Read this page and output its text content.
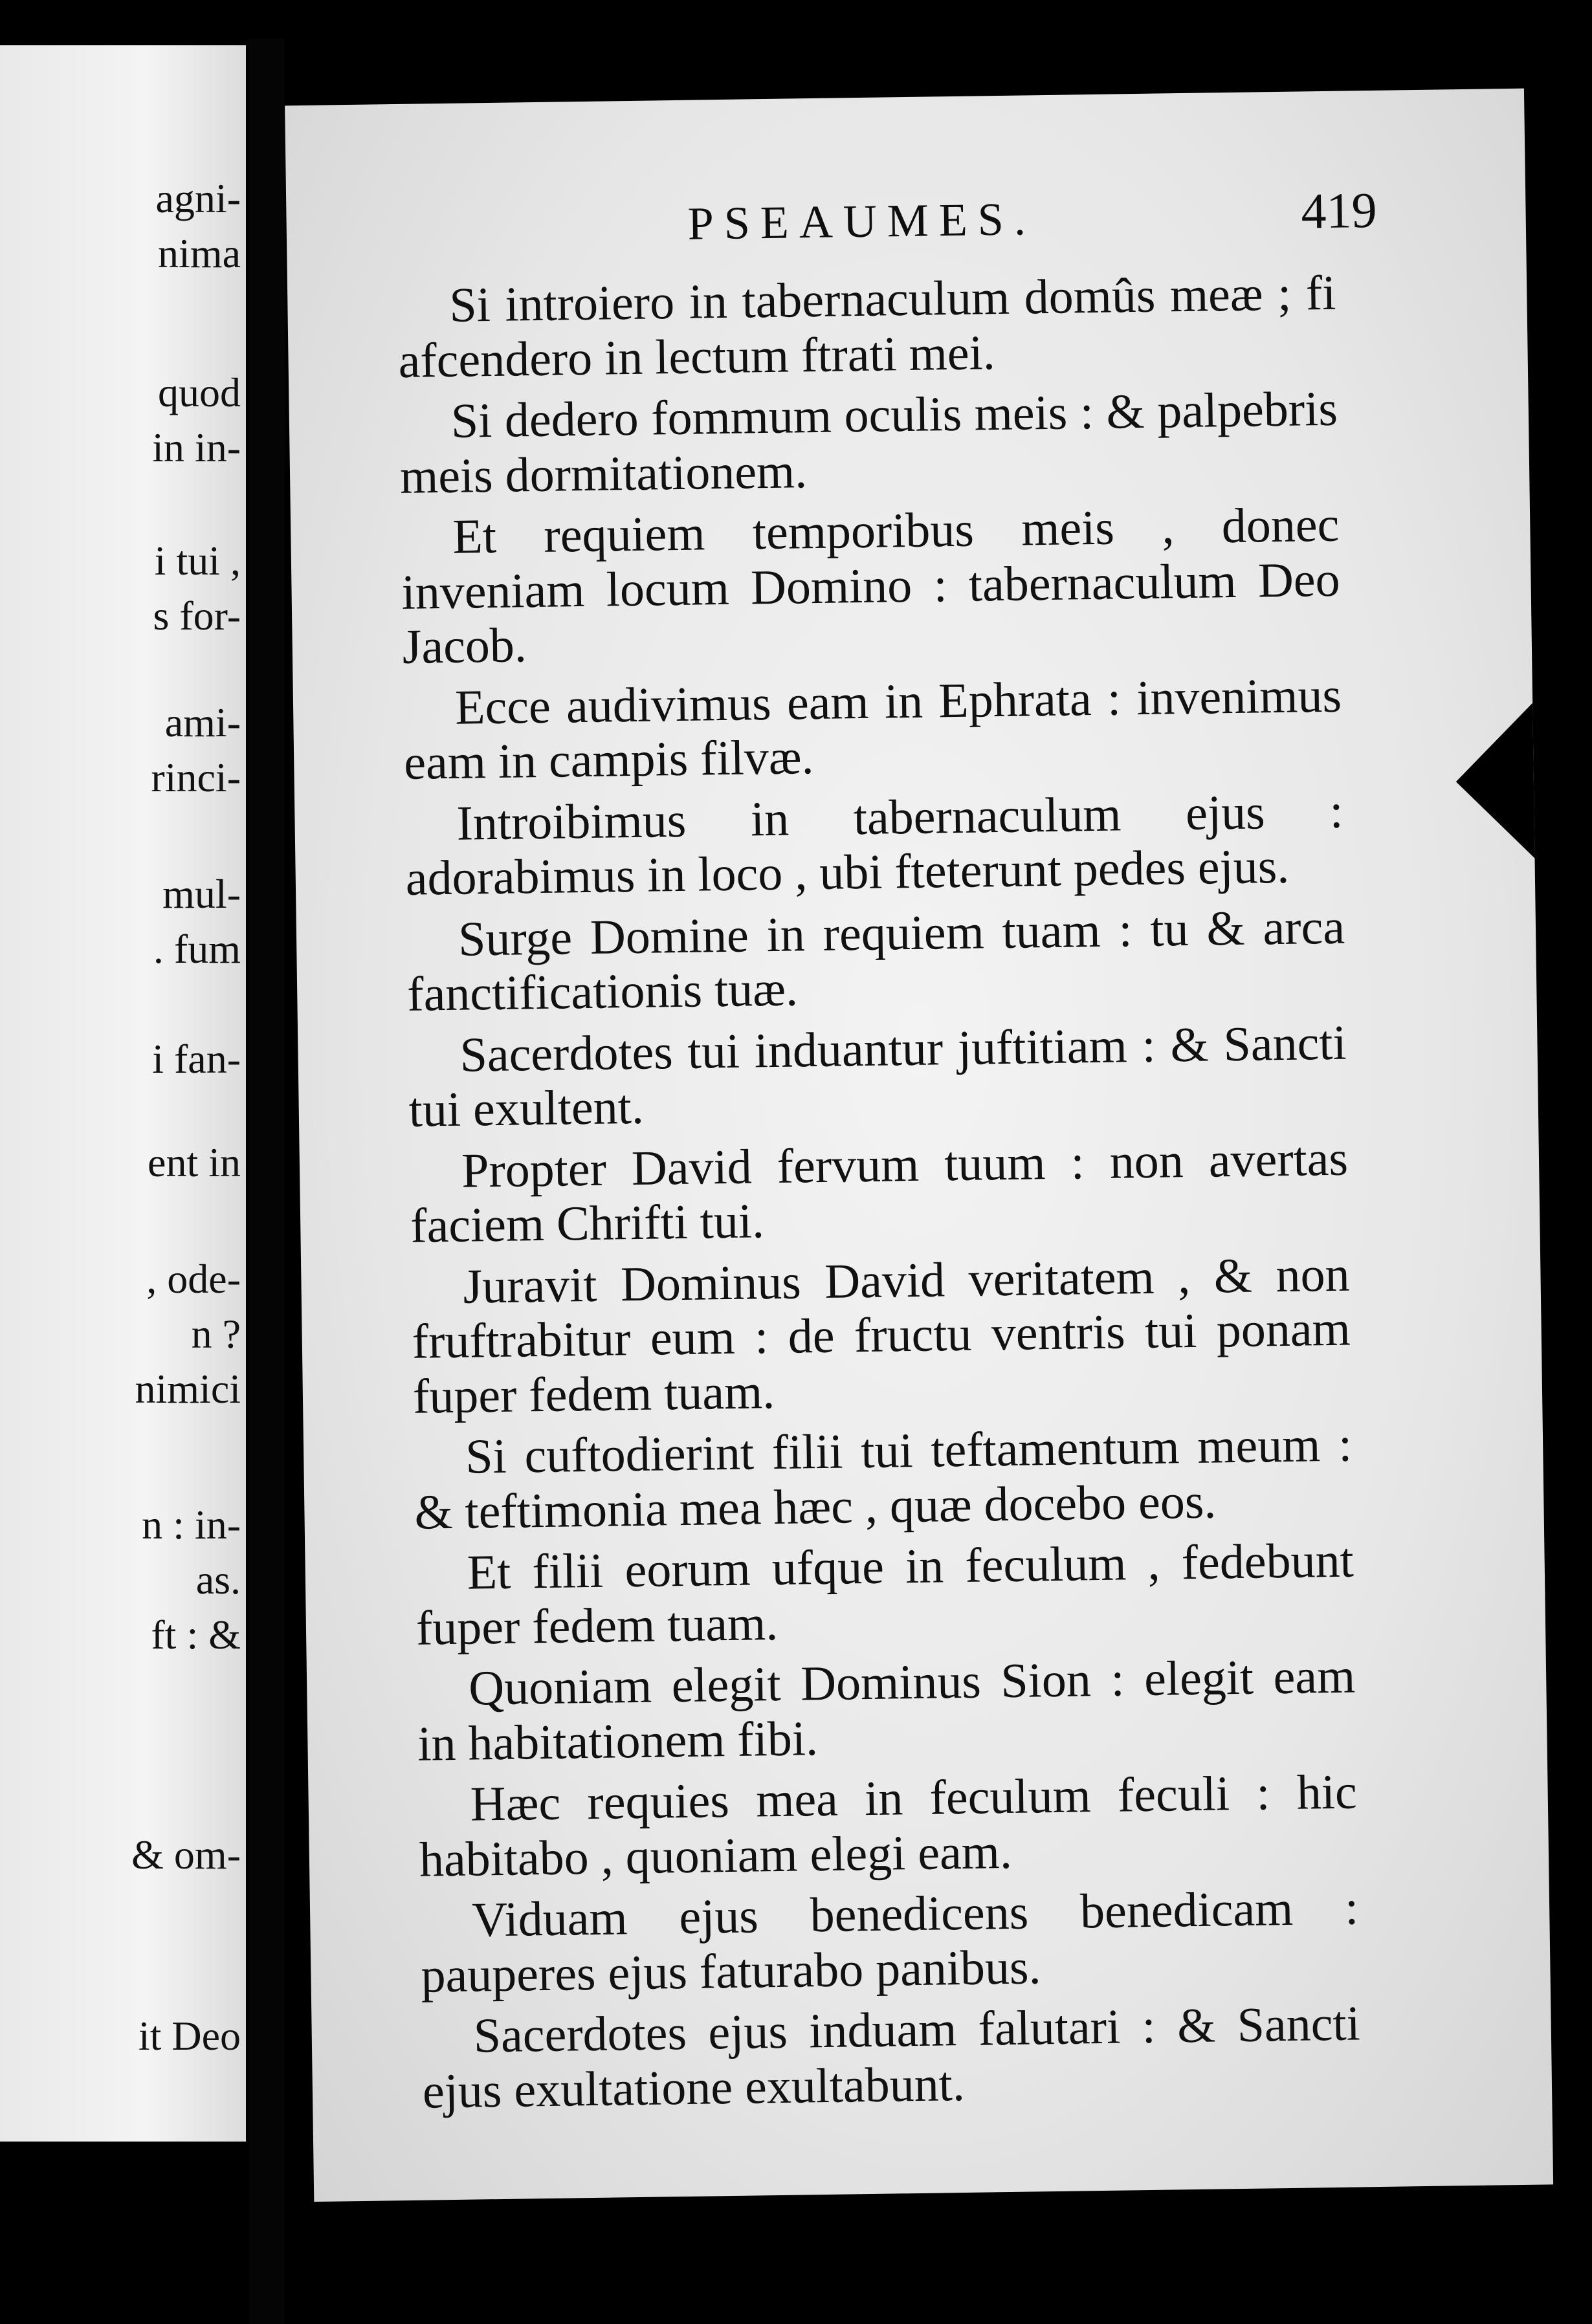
agni-
nima
quod
in in-
i tui ,
s for-
ami-
rinci-
mul-
. fum
i fan-
ent in
, ode-
n ?
nimici
n : in-
as.
ft : &
& om-
it Deo
PSEAUMES.	419

Si introiero in tabernaculum domûs meæ ; fi afcendero in lectum ftrati mei.

Si dedero fommum oculis meis : & palpebris meis dormitationem.

Et requiem temporibus meis , donec inveniam locum Domino : tabernaculum Deo Jacob.

Ecce audivimus eam in Ephrata : invenimus eam in campis filvæ.

Introibimus in tabernaculum ejus : adorabimus in loco , ubi fteterunt pedes ejus.

Surge Domine in requiem tuam : tu & arca fanctificationis tuæ.

Sacerdotes tui induantur juftitiam : & Sancti tui exultent.

Propter David fervum tuum : non avertas faciem Chrifti tui.

Juravit Dominus David veritatem , & non fruftrabitur eum : de fructu ventris tui ponam fuper fedem tuam.

Si cuftodierint filii tui teftamentum meum : & teftimonia mea hæc , quæ docebo eos.

Et filii eorum ufque in feculum , fedebunt fuper fedem tuam.

Quoniam elegit Dominus Sion : elegit eam in habitationem fibi.

Hæc requies mea in feculum feculi : hic habitabo , quoniam elegi eam.

Viduam ejus benedicens benedicam : pauperes ejus faturabo panibus.

Sacerdotes ejus induam falutari : & Sancti ejus exultatione exultabunt.
